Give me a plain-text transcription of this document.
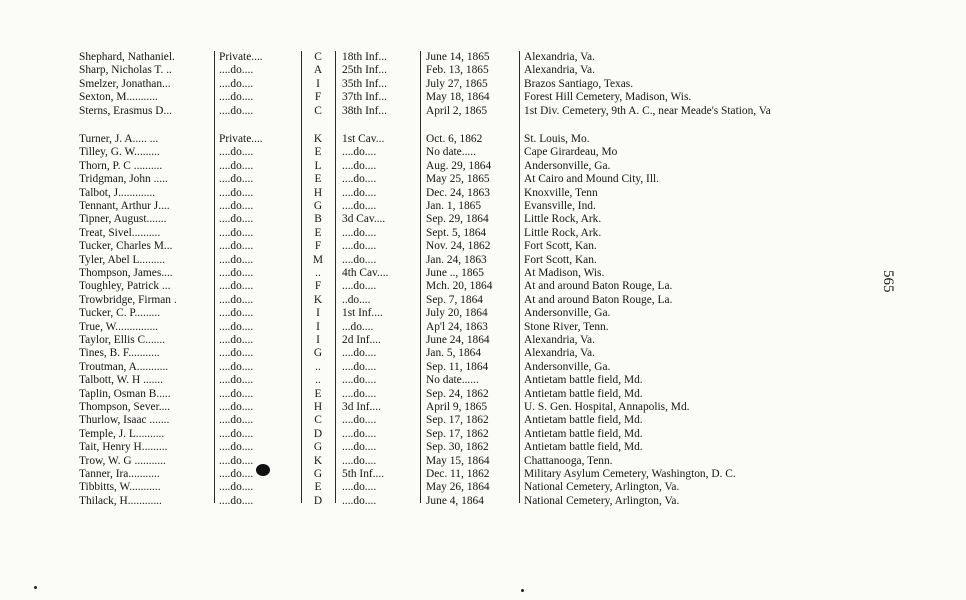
565
Shephard, Nathaniel.	Private....	C	18th Inf...	June 14, 1865	Alexandria, Va.
Sharp, Nicholas T. ..	....do....	A	25th Inf...	Feb. 13, 1865	Alexandria, Va.
Smelzer, Jonathan...	....do....	I	35th Inf...	July 27, 1865	Brazos Santiago, Texas.
Sexton, M...........	....do....	F	37th Inf...	May 18, 1864	Forest Hill Cemetery, Madison, Wis.
Sterns, Erasmus D...	....do....	C	38th Inf...	April 2, 1865	1st Div. Cemetery, 9th A. C., near Meade's Station, Va
Turner, J. A..... ...	Private....	K	1st Cav...	Oct. 6, 1862	St. Louis, Mo.
Tilley, G. W.........	....do....	E	....do....	No date.....	Cape Girardeau, Mo
Thorn, P. C ..........	....do....	L	....do....	Aug. 29, 1864	Andersonville, Ga.
Tridgman, John .....	....do....	E	....do....	May 25, 1865	At Cairo and Mound City, Ill.
Talbot, J.............	....do....	H	....do....	Dec. 24, 1863	Knoxville, Tenn
Tennant, Arthur J....	....do....	G	....do....	Jan. 1, 1865	Evansville, Ind.
Tipner, August.......	....do....	B	3d Cav....	Sep. 29, 1864	Little Rock, Ark.
Treat, Sivel..........	....do....	E	....do....	Sept. 5, 1864	Little Rock, Ark.
Tucker, Charles M...	....do....	F	....do....	Nov. 24, 1862	Fort Scott, Kan.
Tyler, Abel L.........	....do....	M	....do....	Jan. 24, 1863	Fort Scott, Kan.
Thompson, James....	....do....	..	4th Cav....	June .., 1865	At Madison, Wis.
Toughley, Patrick ...	....do....	F	....do....	Mch. 20, 1864	At and around Baton Rouge, La.
Trowbridge, Firman .	....do....	K	..do....	Sep. 7, 1864	At and around Baton Rouge, La.
Tucker, C. P.........	....do....	I	1st Inf....	July 20, 1864	Andersonville, Ga.
True, W...............	....do....	I	...do....	Ap'l 24, 1863	Stone River, Tenn.
Taylor, Ellis C.......	....do....	I	2d Inf....	June 24, 1864	Alexandria, Va.
Tines, B. F...........	....do....	G	....do....	Jan. 5, 1864	Alexandria, Va.
Troutman, A...........	....do....	..	....do....	Sep. 11, 1864	Andersonville, Ga.
Talbott, W. H .......	....do....	..	....do....	No date......	Antietam battle field, Md.
Taplin, Osman B.....	....do....	E	....do....	Sep. 24, 1862	Antietam battle field, Md.
Thompson, Sever....	....do....	H	3d Inf....	April 9, 1865	U. S. Gen. Hospital, Annapolis, Md.
Thurlow, Isaac .......	....do....	C	....do....	Sep. 17, 1862	Antietam battle field, Md.
Temple, J. L..........	....do....	D	....do....	Sep. 17, 1862	Antietam battle field, Md.
Tait, Henry H.........	....do....	G	....do....	Sep. 30, 1862	Antietam battle field, Md.
Trow, W. G ...........	....do....	K	....do....	May 15, 1864	Chattanooga, Tenn.
Tanner, Ira...........	....do....	G	5th Inf....	Dec. 11, 1862	Military Asylum Cemetery, Washington, D. C.
Tibbitts, W...........	....do....	E	....do....	May 26, 1864	National Cemetery, Arlington, Va.
Thilack, H............	....do....	D	....do....	June 4, 1864	National Cemetery, Arlington, Va.
